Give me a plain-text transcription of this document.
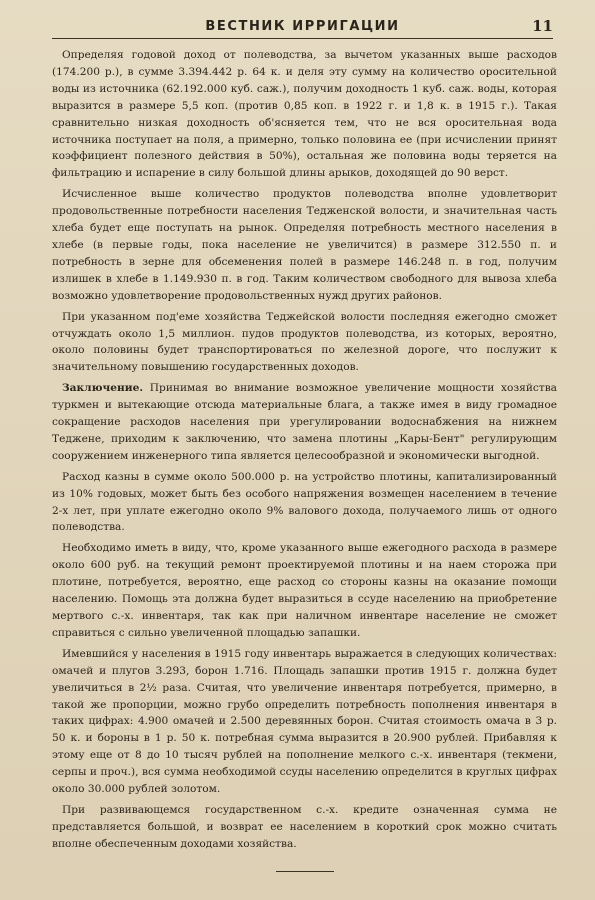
ВЕСТНИК ИРРИГАЦИИ	11

Определяя годовой доход от полеводства, за вычетом указанных выше расходов (174.200 р.), в сумме 3.394.442 р. 64 к. и деля эту сумму на количество оросительной воды из источника (62.192.000 куб. саж.), получим доходность 1 куб. саж. воды, которая выразится в размере 5,5 коп. (против 0,85 коп. в 1922 г. и 1,8 к. в 1915 г.). Такая сравнительно низкая доходность об'ясняется тем, что не вся оросительная вода источника поступает на поля, а примерно, только половина ее (при исчислении принят коэффициент полезного действия в 50%), остальная же половина воды теряется на фильтрацию и испарение в силу большой длины арыков, доходящей до 90 верст.

Исчисленное выше количество продуктов полеводства вполне удовлетворит продовольственные потребности населения Тедженской волости, и значительная часть хлеба будет еще поступать на рынок. Определяя потребность местного населения в хлебе (в первые годы, пока население не увеличится) в размере 312.550 п. и потребность в зерне для обсеменения полей в размере 146.248 п. в год, получим излишек в хлебе в 1.149.930 п. в год. Таким количеством свободного для вывоза хлеба возможно удовлетворение продовольственных нужд других районов.

При указанном под'еме хозяйства Теджейской волости последняя ежегодно сможет отчуждать около 1,5 миллион. пудов продуктов полеводства, из которых, вероятно, около половины будет транспортироваться по железной дороге, что послужит к значительному повышению государственных доходов.

Заключение. Принимая во внимание возможное увеличение мощности хозяйства туркмен и вытекающие отсюда материальные блага, а также имея в виду громадное сокращение расходов населения при урегулировании водоснабжения на нижнем Теджене, приходим к заключению, что замена плотины „Кары-Бент" регулирующим сооружением инженерного типа является целесообразной и экономически выгодной.

Расход казны в сумме около 500.000 р. на устройство плотины, капитализированный из 10% годовых, может быть без особого напряжения возмещен населением в течение 2-х лет, при уплате ежегодно около 9% валового дохода, получаемого лишь от одного полеводства.

Необходимо иметь в виду, что, кроме указанного выше ежегодного расхода в размере около 600 руб. на текущий ремонт проектируемой плотины и на наем сторожа при плотине, потребуется, вероятно, еще расход со стороны казны на оказание помощи населению. Помощь эта должна будет выразиться в ссуде населению на приобретение мертвого с.-х. инвентаря, так как при наличном инвентаре население не сможет справиться с сильно увеличенной площадью запашки.

Имевшийся у населения в 1915 году инвентарь выражается в следующих количествах: омачей и плугов 3.293, борон 1.716. Площадь запашки против 1915 г. должна будет увеличиться в 2½ раза. Считая, что увеличение инвентаря потребуется, примерно, в такой же пропорции, можно грубо определить потребность пополнения инвентаря в таких цифрах: 4.900 омачей и 2.500 деревянных борон. Считая стоимость омача в 3 р. 50 к. и бороны в 1 р. 50 к. потребная сумма выразится в 20.900 рублей. Прибавляя к этому еще от 8 до 10 тысяч рублей на пополнение мелкого с.-х. инвентаря (текмени, серпы и проч.), вся сумма необходимой ссуды населению определится в круглых цифрах около 30.000 рублей золотом.

При развивающемся государственном с.-х. кредите означенная сумма не представляется большой, и возврат ее населением в короткий срок можно считать вполне обеспеченным доходами хозяйства.
